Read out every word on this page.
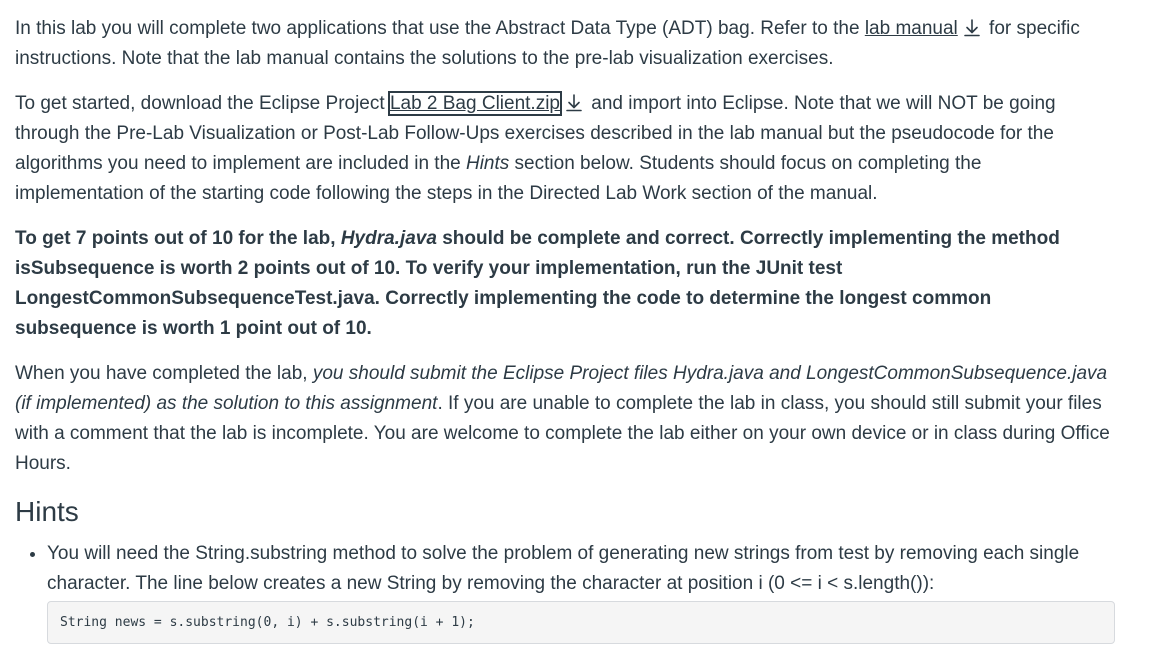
In this lab you will complete two applications that use the Abstract Data Type (ADT) bag. Refer to the lab manual for specific instructions. Note that the lab manual contains the solutions to the pre-lab visualization exercises.

To get started, download the Eclipse Project Lab 2 Bag Client.zip and import into Eclipse. Note that we will NOT be going through the Pre-Lab Visualization or Post-Lab Follow-Ups exercises described in the lab manual but the pseudocode for the algorithms you need to implement are included in the Hints section below. Students should focus on completing the implementation of the starting code following the steps in the Directed Lab Work section of the manual.

To get 7 points out of 10 for the lab, Hydra.java should be complete and correct. Correctly implementing the method isSubsequence is worth 2 points out of 10. To verify your implementation, run the JUnit test LongestCommonSubsequenceTest.java. Correctly implementing the code to determine the longest common subsequence is worth 1 point out of 10.

When you have completed the lab, you should submit the Eclipse Project files Hydra.java and LongestCommonSubsequence.java (if implemented) as the solution to this assignment. If you are unable to complete the lab in class, you should still submit your files with a comment that the lab is incomplete. You are welcome to complete the lab either on your own device or in class during Office Hours.

Hints
• You will need the String.substring method to solve the problem of generating new strings from test by removing each single character. The line below creates a new String by removing the character at position i (0 <= i < s.length()):
String news = s.substring(0, i) + s.substring(i + 1);
